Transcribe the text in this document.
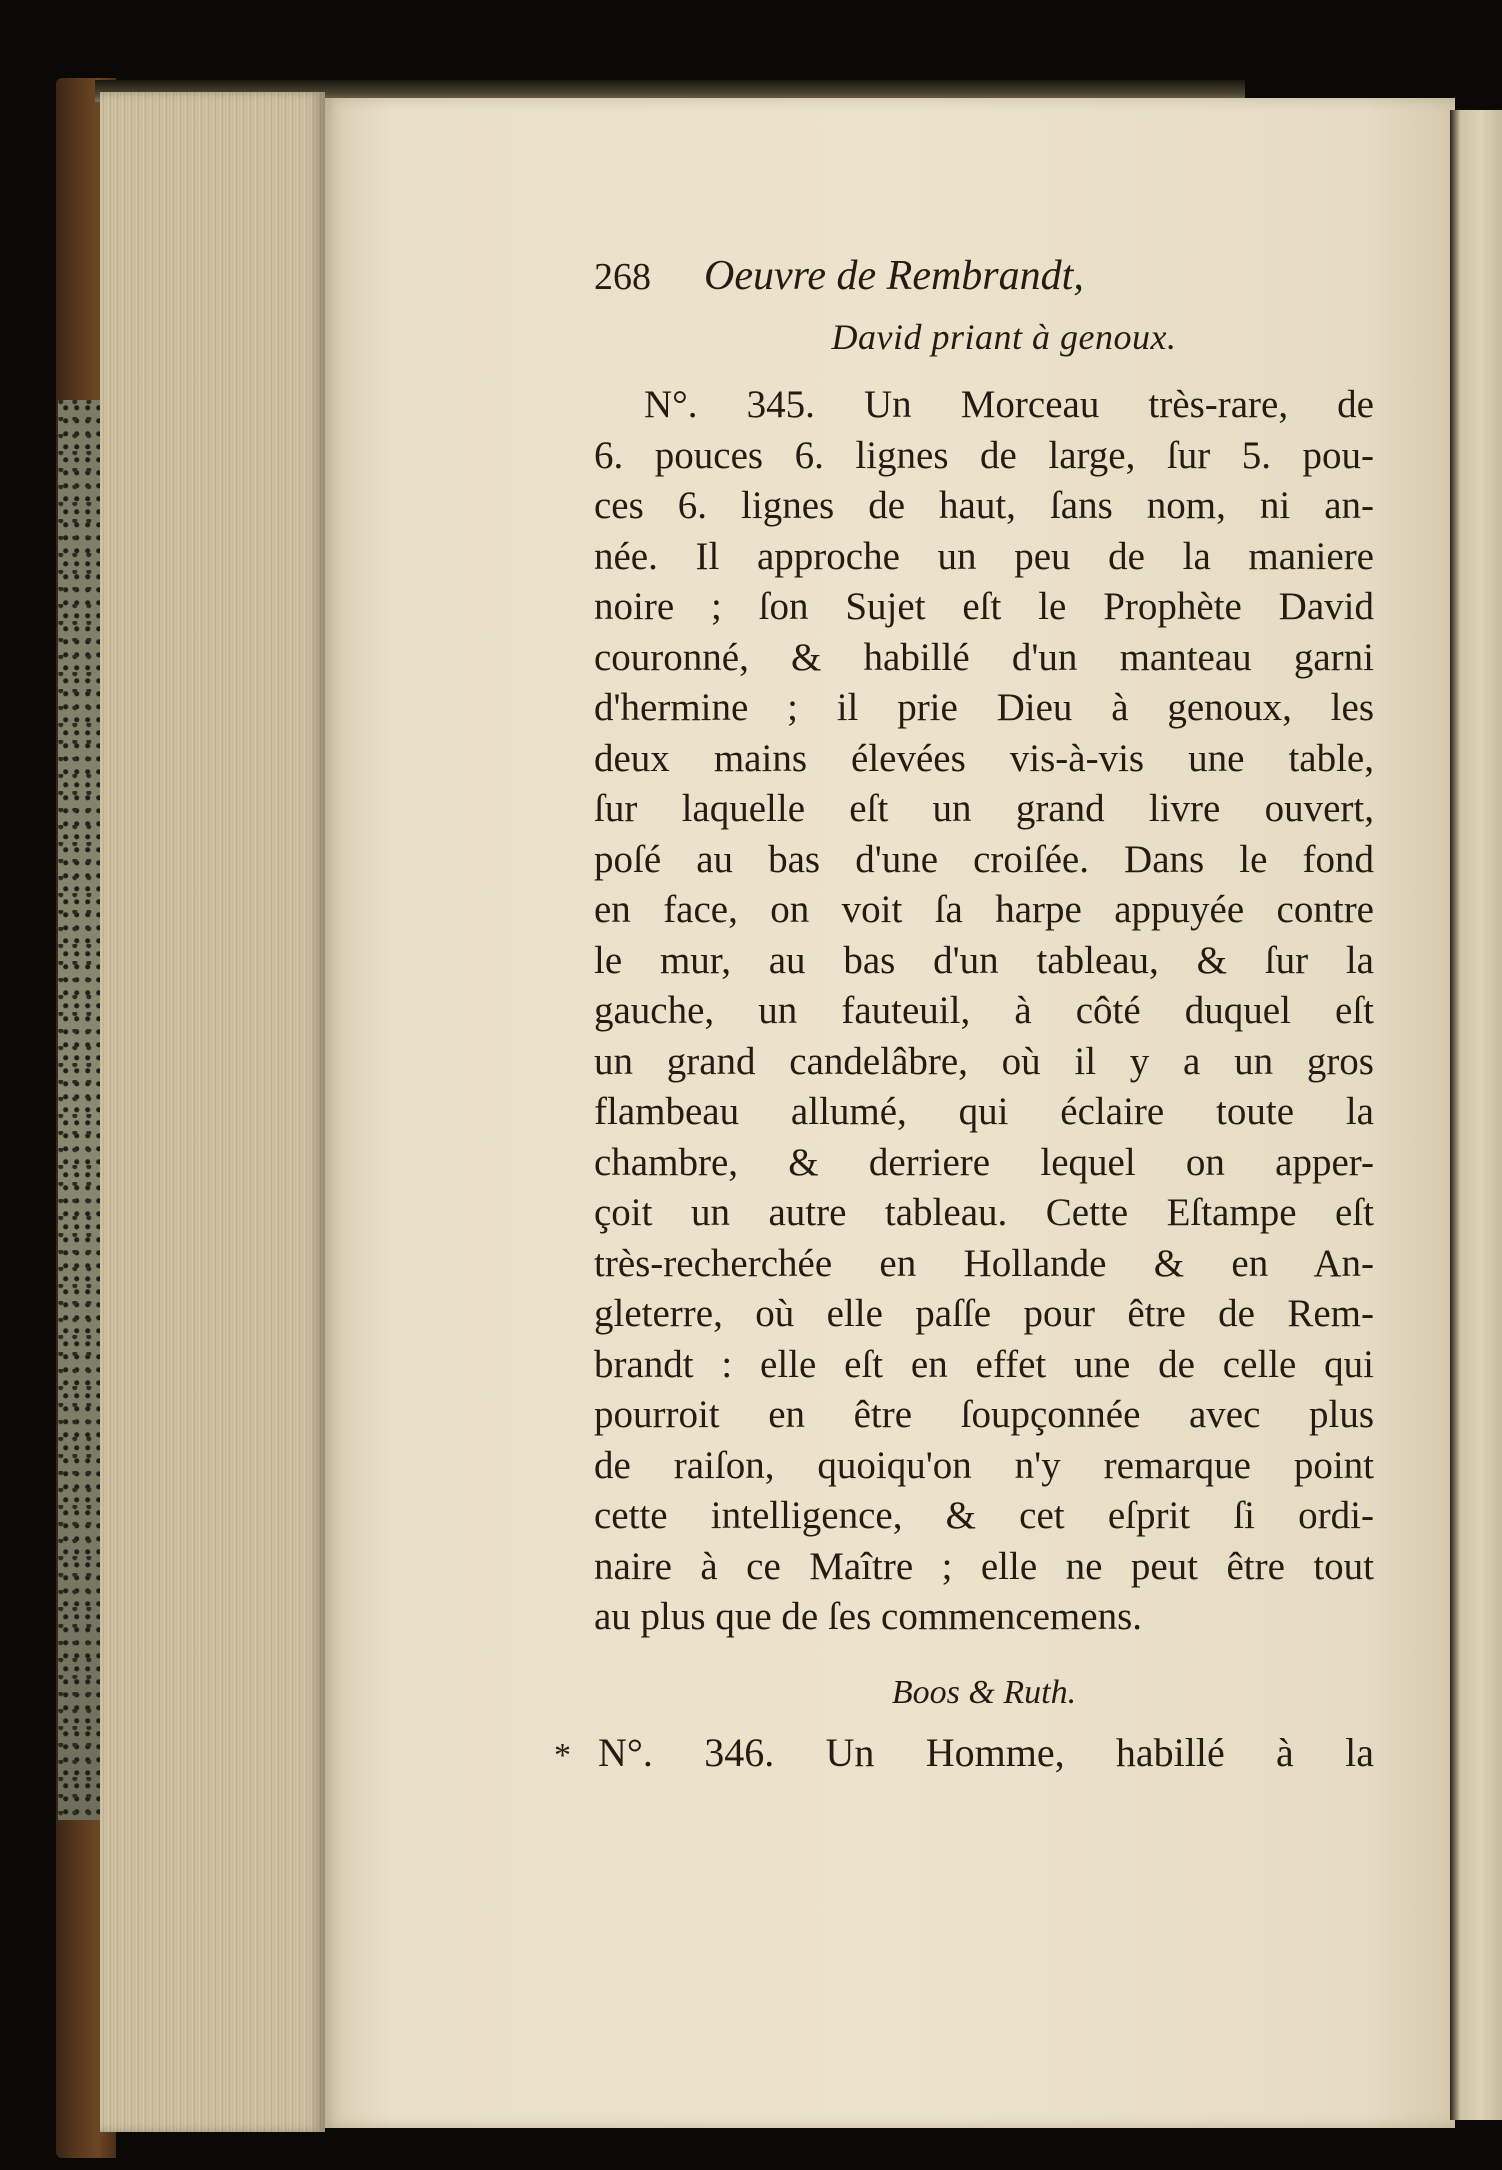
268	Oeuvre de Rembrandt,
David priant à genoux.
N°. 345. Un Morceau très-rare, de
6. pouces 6. lignes de large, ſur 5. pou-
ces 6. lignes de haut, ſans nom, ni an-
née. Il approche un peu de la maniere
noire ; ſon Sujet eſt le Prophète David
couronné, & habillé d'un manteau garni
d'hermine ; il prie Dieu à genoux, les
deux mains élevées vis-à-vis une table,
ſur laquelle eſt un grand livre ouvert,
poſé au bas d'une croiſée. Dans le fond
en face, on voit ſa harpe appuyée contre
le mur, au bas d'un tableau, & ſur la
gauche, un fauteuil, à côté duquel eſt
un grand candelâbre, où il y a un gros
flambeau allumé, qui éclaire toute la
chambre, & derriere lequel on apper-
çoit un autre tableau. Cette Eſtampe eſt
très-recherchée en Hollande & en An-
gleterre, où elle paſſe pour être de Rem-
brandt : elle eſt en effet une de celle qui
pourroit en être ſoupçonnée avec plus
de raiſon, quoiqu'on n'y remarque point
cette intelligence, & cet eſprit ſi ordi-
naire à ce Maître ; elle ne peut être tout
au plus que de ſes commencemens.
Boos & Ruth.
* N°. 346. Un Homme, habillé à la
